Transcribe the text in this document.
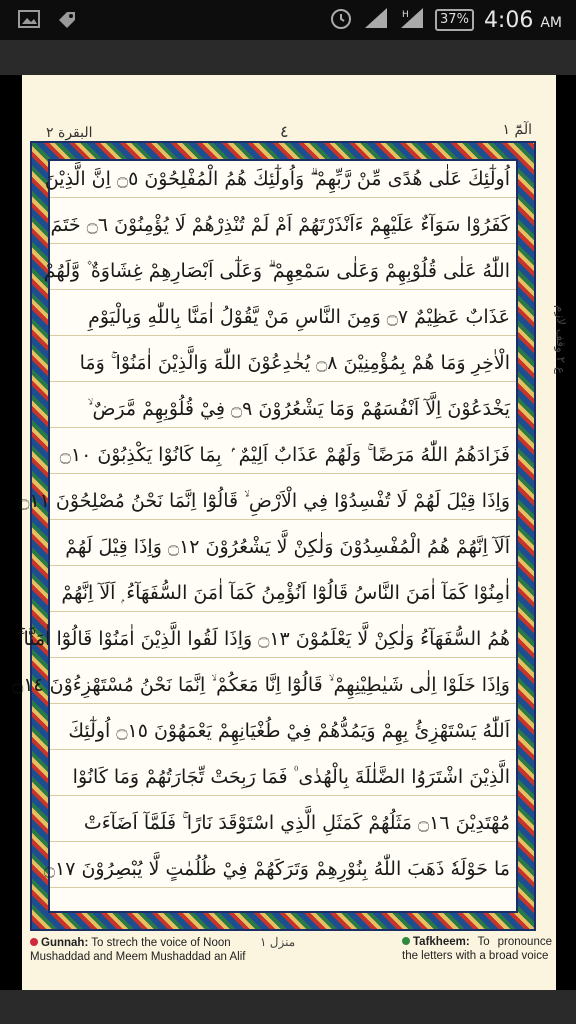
H	37% 4:06 AM
البقرة ٢	٤	الٓمّٓ ١
اُولٰٓئِكَ عَلٰى هُدًى مِّنْ رَّبِّهِمْ ۗ وَاُولٰٓئِكَ هُمُ الْمُفْلِحُوْنَ ۝٥ اِنَّ الَّذِيْنَ
كَفَرُوْا سَوَآءٌ عَلَيْهِمْ ءَاَنْذَرْتَهُمْ اَمْ لَمْ تُنْذِرْهُمْ لَا يُؤْمِنُوْنَ ۝٦ خَتَمَ
اللّٰهُ عَلٰى قُلُوْبِهِمْ وَعَلٰى سَمْعِهِمْ ۗ وَعَلٰٓى اَبْصَارِهِمْ غِشَاوَةٌ ۫ وَّلَهُمْ
عَذَابٌ عَظِيْمٌ ۝٧ وَمِنَ النَّاسِ مَنْ يَّقُوْلُ اٰمَنَّا بِاللّٰهِ وَبِالْيَوْمِ
الْاٰخِرِ وَمَا هُمْ بِمُؤْمِنِيْنَ ۝٨ يُخٰدِعُوْنَ اللّٰهَ وَالَّذِيْنَ اٰمَنُوْا ۚ وَمَا
يَخْدَعُوْنَ اِلَّآ اَنْفُسَهُمْ وَمَا يَشْعُرُوْنَ ۝٩ فِيْ قُلُوْبِهِمْ مَّرَضٌ ۙ
فَزَادَهُمُ اللّٰهُ مَرَضًا ۚ وَلَهُمْ عَذَابٌ اَلِيْمٌ ۢ بِمَا كَانُوْا يَكْذِبُوْنَ ۝١٠
وَاِذَا قِيْلَ لَهُمْ لَا تُفْسِدُوْا فِي الْاَرْضِ ۙ قَالُوْٓا اِنَّمَا نَحْنُ مُصْلِحُوْنَ ۝١١
اَلَآ اِنَّهُمْ هُمُ الْمُفْسِدُوْنَ وَلٰكِنْ لَّا يَشْعُرُوْنَ ۝١٢ وَاِذَا قِيْلَ لَهُمْ
اٰمِنُوْا كَمَآ اٰمَنَ النَّاسُ قَالُوْٓا اَنُؤْمِنُ كَمَآ اٰمَنَ السُّفَهَآءُ ۭ اَلَآ اِنَّهُمْ
هُمُ السُّفَهَآءُ وَلٰكِنْ لَّا يَعْلَمُوْنَ ۝١٣ وَاِذَا لَقُوا الَّذِيْنَ اٰمَنُوْا قَالُوْٓا اٰمَنَّا ۚ
وَاِذَا خَلَوْا اِلٰى شَيٰطِيْنِهِمْ ۙ قَالُوْٓا اِنَّا مَعَكُمْ ۙ اِنَّمَا نَحْنُ مُسْتَهْزِءُوْنَ ۝١٤
اَللّٰهُ يَسْتَهْزِئُ بِهِمْ وَيَمُدُّهُمْ فِيْ طُغْيَانِهِمْ يَعْمَهُوْنَ ۝١٥ اُولٰٓئِكَ
الَّذِيْنَ اشْتَرَوُا الضَّلٰلَةَ بِالْهُدٰى ۠ فَمَا رَبِحَتْ تِّجَارَتُهُمْ وَمَا كَانُوْا
مُهْتَدِيْنَ ۝١٦ مَثَلُهُمْ كَمَثَلِ الَّذِي اسْتَوْقَدَ نَارًا ۚ فَلَمَّآ اَضَآءَتْ
مَا حَوْلَهٗ ذَهَبَ اللّٰهُ بِنُوْرِهِمْ وَتَرَكَهُمْ فِيْ ظُلُمٰتٍ لَّا يُبْصِرُوْنَ ۝١٧
ع ۲ وقف لازم
Gunnah: To strech the voice of Noon Mushaddad and Meem Mushaddad an Alif
منزل ١	Tafkheem: To pronounce the letters with a broad voice
